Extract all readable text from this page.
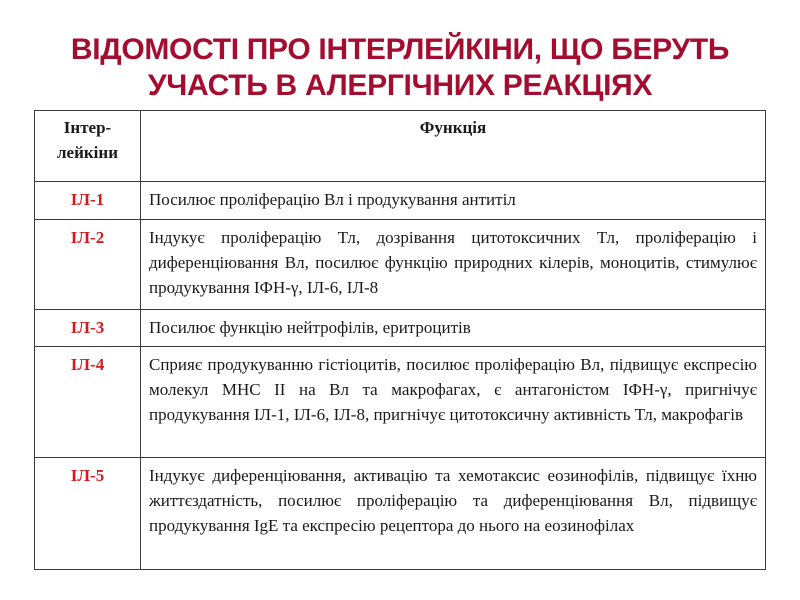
ВІДОМОСТІ ПРО ІНТЕРЛЕЙКІНИ, ЩО БЕРУТЬ
УЧАСТЬ В АЛЕРГІЧНИХ РЕАКЦІЯХ
Інтер-лейкіни	Функція
ІЛ-1	Посилює проліферацію Вл і продукування антитіл
ІЛ-2	Індукує проліферацію Тл, дозрівання цитотоксичних Тл, проліферацію і диференціювання Вл, посилює функцію природних кілерів, моноцитів, стимулює продукування ІФН-γ, ІЛ-6, ІЛ-8
ІЛ-3	Посилює функцію нейтрофілів, еритроцитів
ІЛ-4	Сприяє продукуванню гістіоцитів, посилює проліферацію Вл, підвищує експресію молекул МНС ІІ на Вл та макрофагах, є антагоністом ІФН-γ, пригнічує продукування ІЛ-1, ІЛ-6, ІЛ-8, пригнічує цитотоксичну активність Тл, макрофагів
ІЛ-5	Індукує диференціювання, активацію та хемотаксис еозинофілів, підвищує їхню життєздатність, посилює проліферацію та диференціювання Вл, підвищує продукування IgE та експресію рецептора до нього на еозинофілах
